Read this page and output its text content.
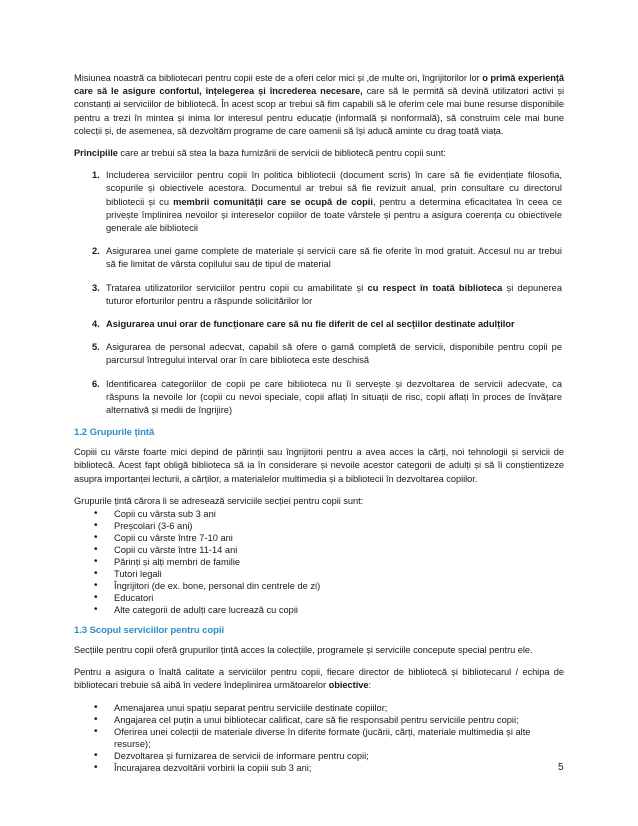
Misiunea noastră ca bibliotecari pentru copii este de a oferi celor mici și ,de multe ori, îngrijitorilor lor o primă experiență care să le asigure confortul, înțelegerea și încrederea necesare, care să le permită să devină utilizatori activi și constanți ai serviciilor de bibliotecă. În acest scop ar trebui să fim capabili să le oferim cele mai bune resurse disponibile pentru a trezi în mintea și inima lor interesul pentru educație (informală și nonformală), să construim cele mai bune colecții și, de asemenea, să dezvoltăm programe de care oamenii să își aducă aminte cu drag toată viața.

Principiile care ar trebui să stea la baza furnizării de servicii de bibliotecă pentru copii sunt:

1. Includerea serviciilor pentru copii în politica bibliotecii (document scris) în care să fie evidențiate filosofia, scopurile și obiectivele acestora. Documentul ar trebui să fie revizuit anual, prin consultare cu directorul bibliotecii și cu membrii comunității care se ocupă de copii, pentru a determina eficacitatea în ceea ce privește împlinirea nevoilor și intereselor copiilor de toate vârstele și pentru a asigura coerența cu obiectivele generale ale bibliotecii
2. Asigurarea unei game complete de materiale și servicii care să fie oferite în mod gratuit. Accesul nu ar trebui să fie limitat de vârsta copilului sau de tipul de material
3. Tratarea utilizatorilor serviciilor pentru copii cu amabilitate și cu respect în toată biblioteca și depunerea tuturor eforturilor pentru a răspunde solicitărilor lor
4. Asigurarea unui orar de funcționare care să nu fie diferit de cel al secțiilor destinate adulților
5. Asigurarea de personal adecvat, capabil să ofere o gamă completă de servicii, disponibile pentru copii pe parcursul întregului interval orar în care biblioteca este deschisă
6. Identificarea categoriilor de copii pe care biblioteca nu îi servește și dezvoltarea de servicii adecvate, ca răspuns la nevoile lor (copii cu nevoi speciale, copii aflați în situații de risc, copii aflați în proces de învățare alternativă și medii de îngrijire)

1.2 Grupurile țintă

Copiii cu vârste foarte mici depind de părinții sau îngrijitorii pentru a avea acces la cărți, noi tehnologii și servicii de bibliotecă. Acest fapt obligă biblioteca să ia în considerare și nevoile acestor categorii de adulți și să îi conștientizeze asupra importanței lecturii, a cărților, a materialelor multimedia și a bibliotecii în dezvoltarea copiilor.

Grupurile țintă cărora li se adresează serviciile secției pentru copii sunt:

• Copii cu vârsta sub 3 ani
• Preșcolari (3-6 ani)
• Copii cu vârste între 7-10 ani
• Copii cu vârste între 11-14 ani
• Părinți și alți membri de familie
• Tutori legali
• Îngrijitori (de ex. bone, personal din centrele de zi)
• Educatori
• Alte categorii de adulți care lucrează cu copii

1.3 Scopul serviciilor pentru copii

Secțiile pentru copii oferă grupurilor țintă acces la colecțiile, programele și serviciile concepute special pentru ele.

Pentru a asigura o înaltă calitate a serviciilor pentru copii, fiecare director de bibliotecă și bibliotecarul / echipa de bibliotecari trebuie să aibă în vedere îndeplinirea următoarelor obiective:

• Amenajarea unui spațiu separat pentru serviciile destinate copiilor;
• Angajarea cel puțin a unui bibliotecar calificat, care să fie responsabil pentru serviciile pentru copii;
• Oferirea unei colecții de materiale diverse în diferite formate (jucării, cărți, materiale multimedia și alte resurse);
• Dezvoltarea și furnizarea de servicii de informare pentru copii;
• Încurajarea dezvoltării vorbirii la copiii sub 3 ani;	5
